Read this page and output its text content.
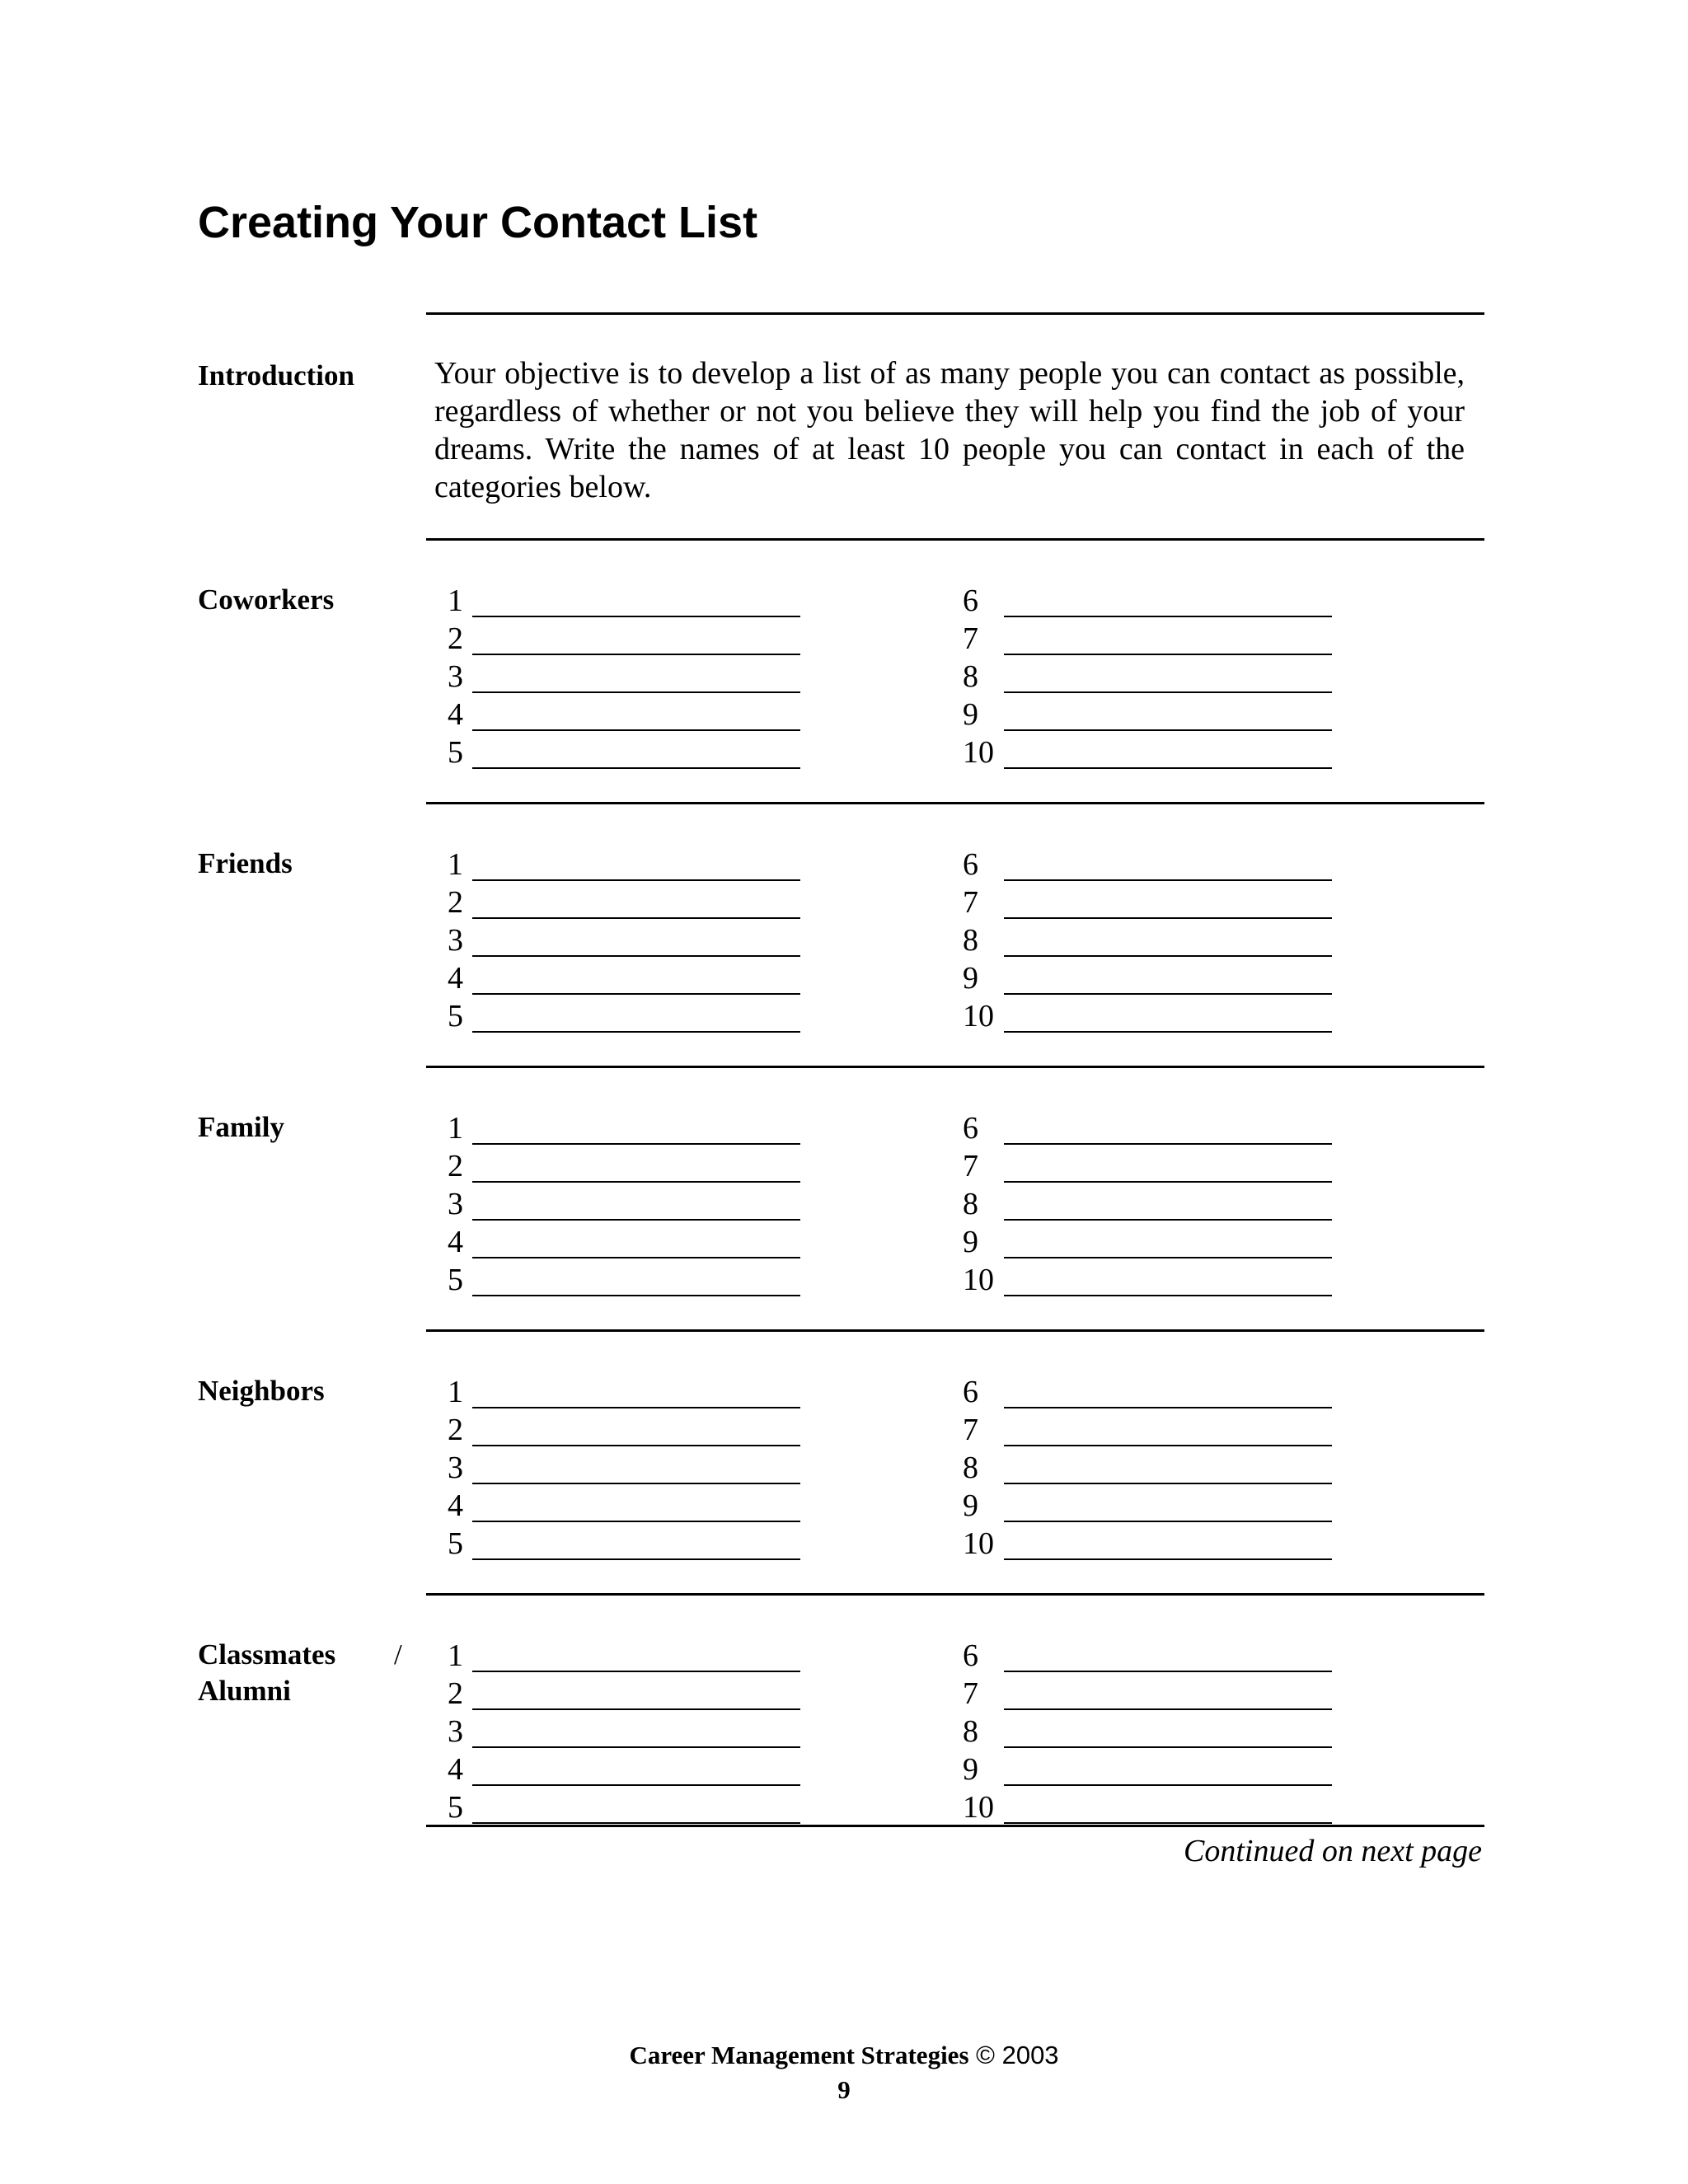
Creating Your Contact List
Introduction	Your objective is to develop a list of as many people you can contact as possible, regardless of whether or not you believe they will help you find the job of your dreams. Write the names of at least 10 people you can contact in each of the categories below.

Coworkers	1
2
3
4
5
6
7
8
9
10
Friends	1
2
3
4
5
6
7
8
9
10
Family	1
2
3
4
5
6
7
8
9
10
Neighbors	1
2
3
4
5
6
7
8
9
10
Classmates
Alumni
/ 1
2
3
4
5
6
7
8
9
10
Continued on next page
Career Management Strategies © 2003
9
